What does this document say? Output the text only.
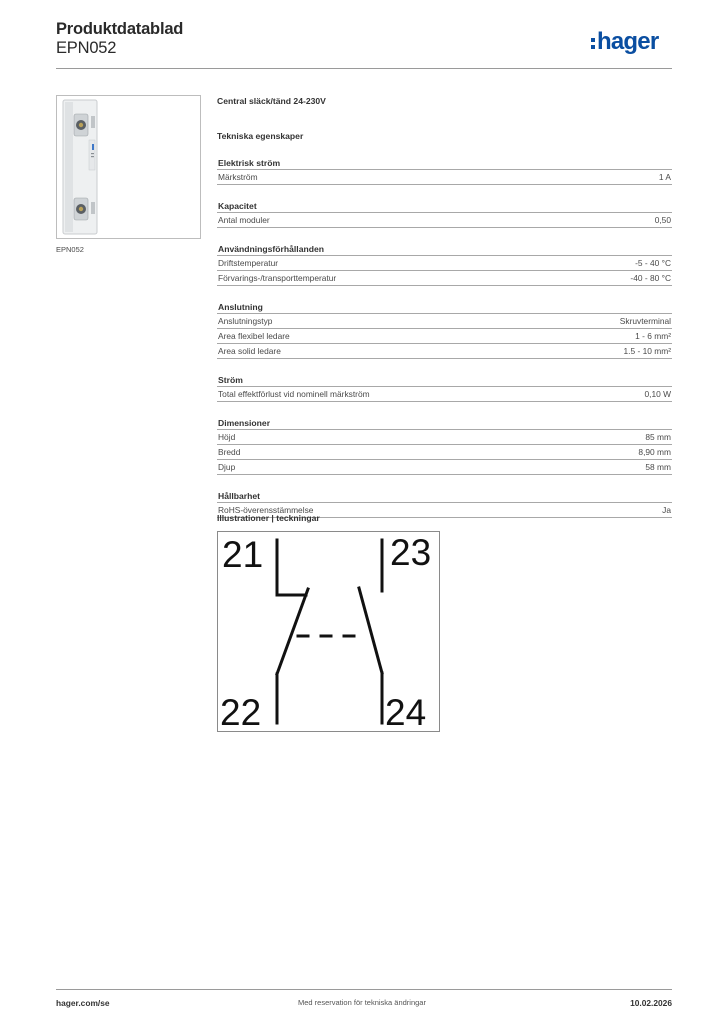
Produktdatablad
EPN052	hager
EPN052
Central släck/tänd 24-230V
Tekniska egenskaper
Elektrisk ström
Märkström	1 A
Kapacitet
Antal moduler	0,50
Användningsförhållanden
Driftstemperatur	-5 - 40 °C
Förvarings-/transporttemperatur	-40 - 80 °C
Anslutning
Anslutningstyp	Skruvterminal
Area flexibel ledare	1 - 6 mm²
Area solid ledare	1.5 - 10 mm²
Ström
Total effektförlust vid nominell märkström	0,10 W
Dimensioner
Höjd	85 mm
Bredd	8,90 mm
Djup	58 mm
Hållbarhet
RoHS-överensstämmelse	Ja
Illustrationer | teckningar
21	23
22	24
hager.com/se	Med reservation för tekniska ändringar	10.02.2026
